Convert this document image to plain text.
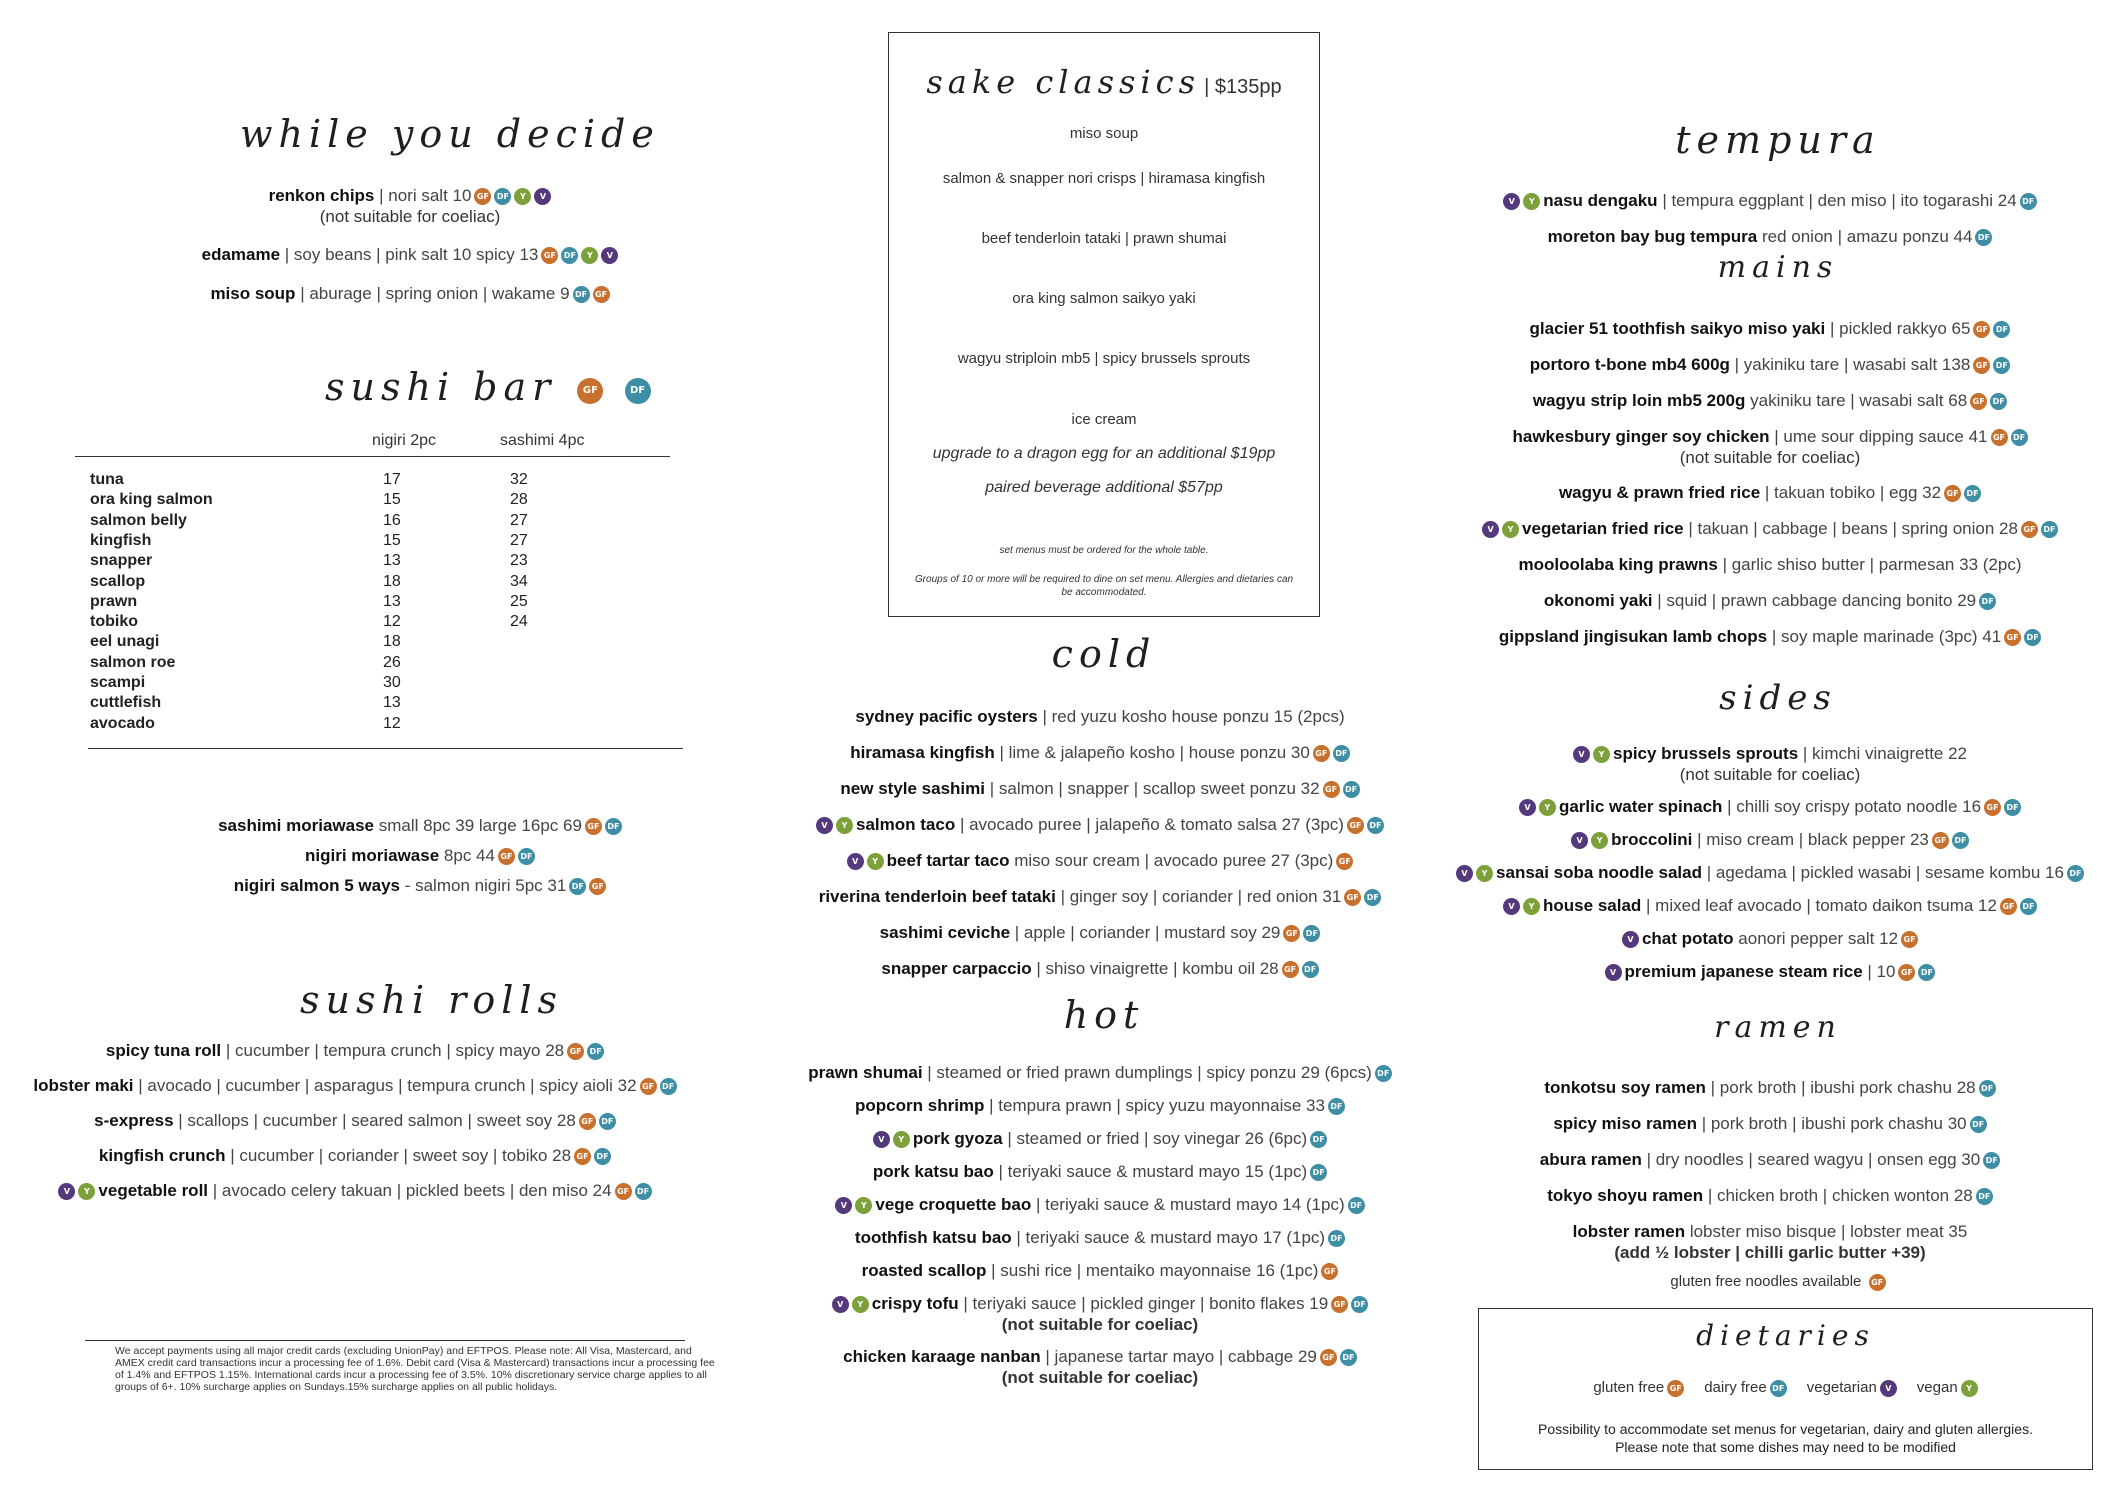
while you decide
renkon chips | nori salt 10 GF DF Y V
(not suitable for coeliac)
edamame | soy beans | pink salt 10 spicy 13 GF DF Y V
miso soup | aburage | spring onion | wakame 9 DF GF
sushi bar	GF	DF
nigiri 2pc	sashimi 4pc
tuna	17	32
ora king salmon	15	28
salmon belly	16	27
kingfish	15	27
snapper	13	23
scallop	18	34
prawn	13	25
tobiko	12	24
eel unagi	18
salmon roe	26
scampi	30
cuttlefish	13
avocado	12
sashimi moriawase small 8pc 39 large 16pc 69 GF DF
nigiri moriawase 8pc 44 GF DF
nigiri salmon 5 ways - salmon nigiri 5pc 31 DF GF
sushi rolls
spicy tuna roll | cucumber | tempura crunch | spicy mayo 28 GF DF
lobster maki | avocado | cucumber | asparagus | tempura crunch | spicy aioli 32 GF DF
s-express | scallops | cucumber | seared salmon | sweet soy 28 GF DF
kingfish crunch | cucumber | coriander | sweet soy | tobiko 28 GF DF
V Y vegetable roll | avocado celery takuan | pickled beets | den miso 24 GF DF
We accept payments using all major credit cards (excluding UnionPay) and EFTPOS. Please note: All Visa, Mastercard, and AMEX credit card transactions incur a processing fee of 1.6%. Debit card (Visa & Mastercard) transactions incur a processing fee of 1.4% and EFTPOS 1.15%. International cards incur a processing fee of 3.5%. 10% discretionary service charge applies to all groups of 6+. 10% surcharge applies on Sundays.15% surcharge applies on all public holidays.
sake classics | $135pp
miso soup
salmon & snapper nori crisps | hiramasa kingfish
beef tenderloin tataki | prawn shumai
ora king salmon saikyo yaki
wagyu striploin mb5 | spicy brussels sprouts
ice cream
upgrade to a dragon egg for an additional $19pp
paired beverage additional $57pp
set menus must be ordered for the whole table.
Groups of 10 or more will be required to dine on set menu. Allergies and dietaries can be accommodated.
cold
sydney pacific oysters | red yuzu kosho house ponzu 15 (2pcs)
hiramasa kingfish | lime & jalapeño kosho | house ponzu 30 GF DF
new style sashimi | salmon | snapper | scallop sweet ponzu 32 GF DF
V Y salmon taco | avocado puree | jalapeño & tomato salsa 27 (3pc) GF DF
V Y beef tartar taco miso sour cream | avocado puree 27 (3pc) GF
riverina tenderloin beef tataki | ginger soy | coriander | red onion 31 GF DF
sashimi ceviche | apple | coriander | mustard soy 29 GF DF
snapper carpaccio | shiso vinaigrette | kombu oil 28 GF DF
hot
prawn shumai | steamed or fried prawn dumplings | spicy ponzu 29 (6pcs) DF
popcorn shrimp | tempura prawn | spicy yuzu mayonnaise 33 DF
V Y pork gyoza | steamed or fried | soy vinegar 26 (6pc) DF
pork katsu bao | teriyaki sauce & mustard mayo 15 (1pc) DF
V Y vege croquette bao | teriyaki sauce & mustard mayo 14 (1pc) DF
toothfish katsu bao | teriyaki sauce & mustard mayo 17 (1pc) DF
roasted scallop | sushi rice | mentaiko mayonnaise 16 (1pc) GF
V Y crispy tofu | teriyaki sauce | pickled ginger | bonito flakes 19 GF DF
(not suitable for coeliac)
chicken karaage nanban | japanese tartar mayo | cabbage 29 GF DF
(not suitable for coeliac)
tempura
V Y nasu dengaku | tempura eggplant | den miso | ito togarashi 24 DF
moreton bay bug tempura red onion | amazu ponzu 44 DF
mains
glacier 51 toothfish saikyo miso yaki | pickled rakkyo 65 GF DF
portoro t-bone mb4 600g | yakiniku tare | wasabi salt 138 GF DF
wagyu strip loin mb5 200g yakiniku tare | wasabi salt 68 GF DF
hawkesbury ginger soy chicken | ume sour dipping sauce 41 GF DF
(not suitable for coeliac)
wagyu & prawn fried rice | takuan tobiko | egg 32 GF DF
V Y vegetarian fried rice | takuan | cabbage | beans | spring onion 28 GF DF
mooloolaba king prawns | garlic shiso butter | parmesan 33 (2pc)
okonomi yaki | squid | prawn cabbage dancing bonito 29 DF
gippsland jingisukan lamb chops | soy maple marinade (3pc) 41 GF DF
sides
V Y spicy brussels sprouts | kimchi vinaigrette 22
(not suitable for coeliac)
V Y garlic water spinach | chilli soy crispy potato noodle 16 GF DF
V Y broccolini | miso cream | black pepper 23 GF DF
V Y sansai soba noodle salad | agedama | pickled wasabi | sesame kombu 16 DF
V Y house salad | mixed leaf avocado | tomato daikon tsuma 12 GF DF
V chat potato aonori pepper salt 12 GF
V premium japanese steam rice | 10 GF DF
ramen
tonkotsu soy ramen | pork broth | ibushi pork chashu 28 DF
spicy miso ramen | pork broth | ibushi pork chashu 30 DF
abura ramen | dry noodles | seared wagyu | onsen egg 30 DF
tokyo shoyu ramen | chicken broth | chicken wonton 28 DF
lobster ramen lobster miso bisque | lobster meat 35
(add ½ lobster | chilli garlic butter +39)
gluten free noodles available GF
dietaries
gluten free GF dairy free DF vegetarian V vegan Y
Possibility to accommodate set menus for vegetarian, dairy and gluten allergies.
Please note that some dishes may need to be modified
